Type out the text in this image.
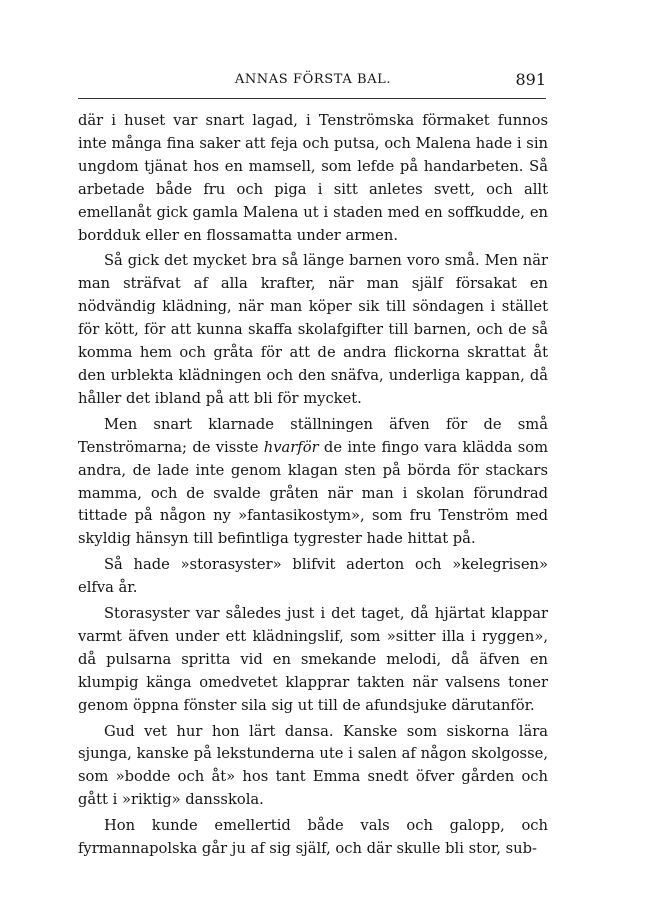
ANNAS FÖRSTA BAL.	891

där i huset var snart lagad, i Tenströmska förmaket funnos inte många fina saker att feja och putsa, och Malena hade i sin ungdom tjänat hos en mamsell, som lefde på handarbeten. Så arbetade både fru och piga i sitt anletes svett, och allt emellanåt gick gamla Malena ut i staden med en soffkudde, en bordduk eller en flossamatta under armen.

Så gick det mycket bra så länge barnen voro små. Men när man sträfvat af alla krafter, när man själf försakat en nödvändig klädning, när man köper sik till söndagen i stället för kött, för att kunna skaffa skolafgifter till barnen, och de så komma hem och gråta för att de andra flickorna skrattat åt den urblekta klädningen och den snäfva, underliga kappan, då håller det ibland på att bli för mycket.

Men snart klarnade ställningen äfven för de små Tenströmarna; de visste hvarför de inte fingo vara klädda som andra, de lade inte genom klagan sten på börda för stackars mamma, och de svalde gråten när man i skolan förundrad tittade på någon ny »fantasikostym», som fru Tenström med skyldig hänsyn till befintliga tygrester hade hittat på.

Så hade »storasyster» blifvit aderton och »kelegrisen» elfva år.

Storasyster var således just i det taget, då hjärtat klappar varmt äfven under ett klädningslif, som »sitter illa i ryggen», då pulsarna spritta vid en smekande melodi, då äfven en klumpig känga omedvetet klapprar takten när valsens toner genom öppna fönster sila sig ut till de afundsjuke därutanför.

Gud vet hur hon lärt dansa. Kanske som siskorna lära sjunga, kanske på lekstunderna ute i salen af någon skolgosse, som »bodde och åt» hos tant Emma snedt öfver gården och gått i »riktig» dansskola.

Hon kunde emellertid både vals och galopp, och fyrmannapolska går ju af sig själf, och där skulle bli stor, sub-
